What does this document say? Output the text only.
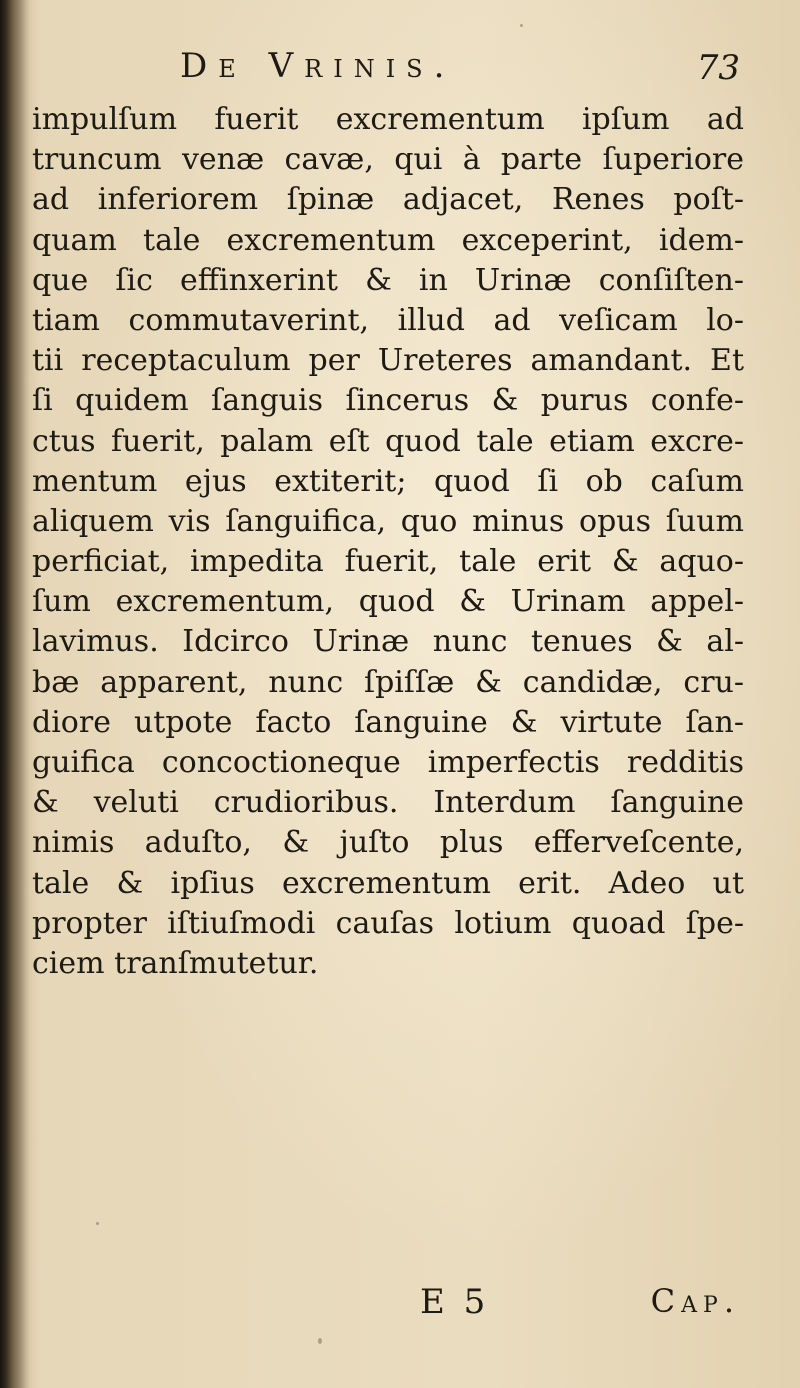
De Vrinis.	73
impulſum fuerit excrementum ipſum ad
truncum venæ cavæ, qui à parte ſuperiore
ad inferiorem ſpinæ adjacet, Renes poſt-
quam tale excrementum exceperint, idem-
que ſic effinxerint & in Urinæ conſiſten-
tiam commutaverint, illud ad veſicam lo-
tii receptaculum per Ureteres amandant. Et
ſi quidem ſanguis ſincerus & purus confe-
ctus fuerit, palam eſt quod tale etiam excre-
mentum ejus extiterit; quod ſi ob caſum
aliquem vis ſanguifica, quo minus opus ſuum
perficiat, impedita fuerit, tale erit & aquo-
ſum excrementum, quod & Urinam appel-
lavimus. Idcirco Urinæ nunc tenues & al-
bæ apparent, nunc ſpiſſæ & candidæ, cru-
diore utpote facto ſanguine & virtute ſan-
guifica concoctioneque imperfectis redditis
& veluti crudioribus. Interdum ſanguine
nimis aduſto, & juſto plus efferveſcente,
tale & ipſius excrementum erit. Adeo ut
propter iſtiuſmodi cauſas lotium quoad ſpe-
ciem tranſmutetur.
E 5	Cap.
